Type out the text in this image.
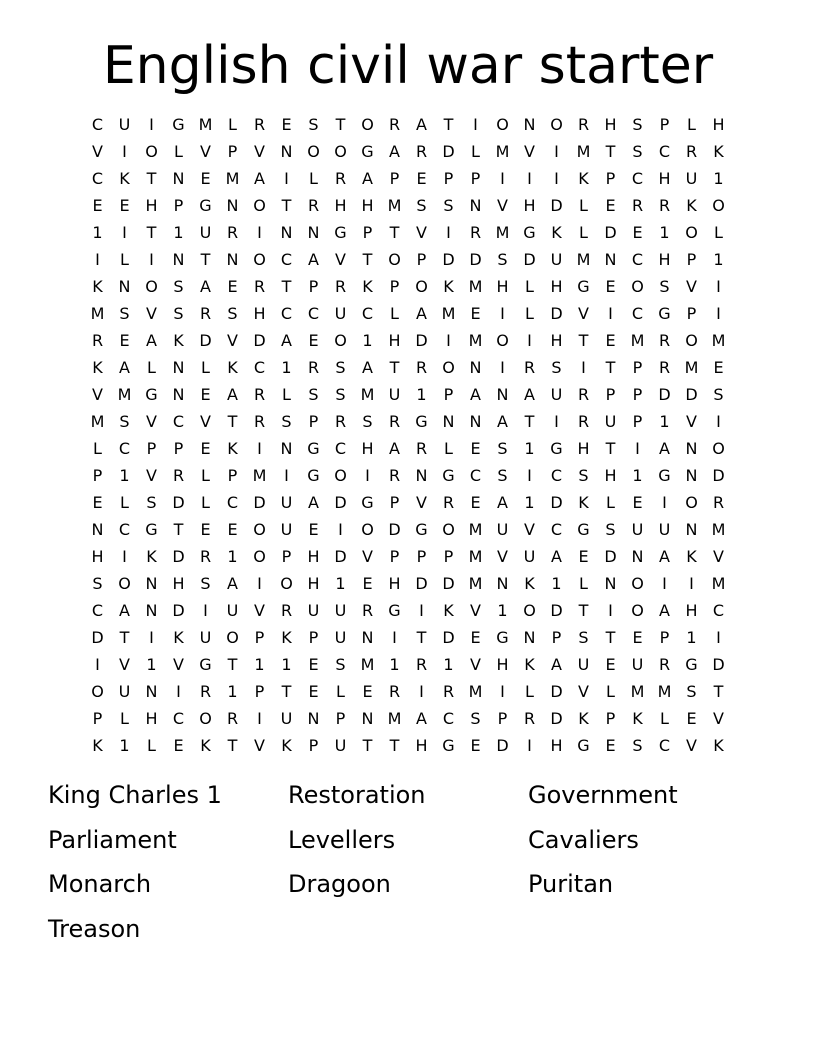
English civil war starter
C U	I	G M L	R	E	S	T O R A	T	I	O N O R H S	P	L	H
V	I	O	L	V	P	V N O O G A R D	L M V	I	M T	S	C R	K
C	K	T	N E M A	I	L	R A	P	E	P	P	I	I	I	K	P	C H U	1
E	E H	P G N O T	R H H M S	S N V H D	L	E	R R	K O
1	I	T	1	U R	I	N N G P	T	V	I	R M G K	L	D E	1 O	L
I	L	I	N	T	N O C A	V	T O P	D D S D U M N C H	P	1
K N O S	A	E	R	T	P	R	K	P O K M H	L	H G E O S	V	I
M S	V	S	R	S H C C U C	L	A M E	I	L	D V	I	C G P	I
R	E	A	K D V D A	E O 1 H D	I	M O	I	H	T	E M R O M
K	A	L	N	L	K	C	1	R	S	A	T	R O N	I	R	S	I	T	P	R M E
V M G N E	A R	L	S	S M U	1	P	A N A U R	P	P	D D S
M S	V C V	T	R	S	P	R	S	R G N N A	T	I	R U	P	1	V	I
L	C	P	P	E	K	I	N G C H A R	L	E	S	1 G H	T	I	A N O
P	1	V R	L	P M	I	G O	I	R N G C	S	I	C	S H 1 G N D
E	L	S D	L	C D U A D G P	V R	E	A	1 D K	L	E	I	O R
N C G T	E	E O U	E	I	O D G O M U V C G S	U U N M
H	I	K D R	1 O P	H D V	P	P	P M V U A	E D N A	K	V
S O N H S	A	I	O H 1	E H D D M N K	1	L	N O	I	I	M
C A N D	I	U V R U U R G	I	K	V	1 O D T	I	O A H C
D T	I	K U O P	K	P	U N	I	T D E G N	P	S	T	E	P	1	I
I	V	1	V G T	1	1	E	S M 1	R	1	V H K	A U	E	U R G D
O U N	I	R	1	P	T	E	L	E	R	I	R M	I	L	D V	L M M S	T
P	L	H C O R	I	U N	P	N M A C	S	P	R D K	P	K	L	E	V
K	1	L	E	K	T	V	K	P	U	T	T	H G E D	I	H G E	S	C V	K
King Charles 1	Restoration	Government
Parliament	Levellers	Cavaliers
Monarch	Dragoon	Puritan
Treason
